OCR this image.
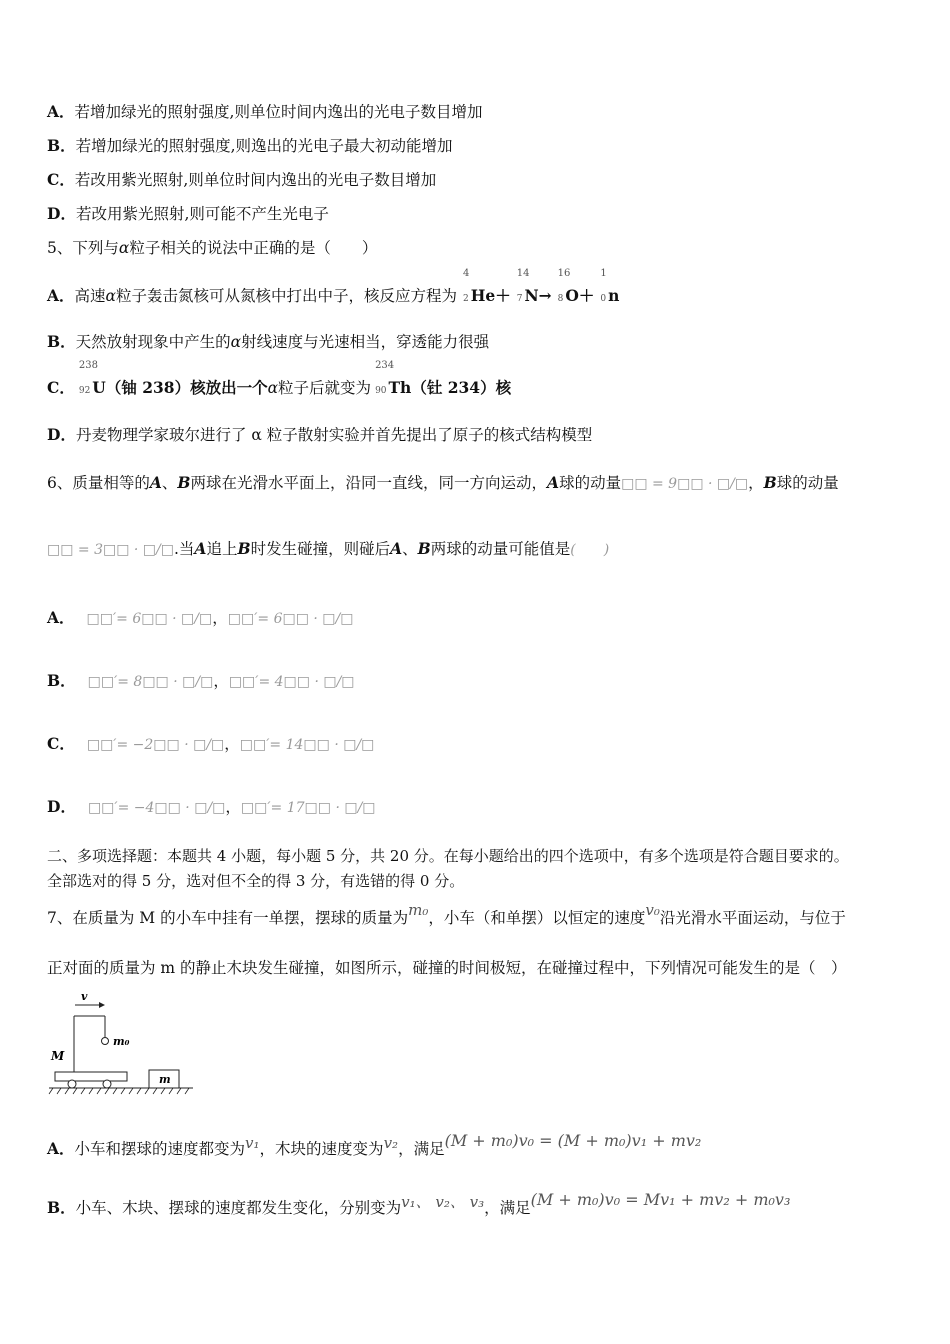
A．若增加绿光的照射强度,则单位时间内逸出的光电子数目增加
B．若增加绿光的照射强度,则逸出的光电子最大初动能增加
C．若改用紫光照射,则单位时间内逸出的光电子数目增加
D．若改用紫光照射,则可能不产生光电子
5、下列与α粒子相关的说法中正确的是（　　）
A．高速α粒子轰击氮核可从氮核中打出中子，核反应方程为
4
2 He＋
14
7 N→
16
8 O＋
1
0 n
B．天然放射现象中产生的α射线速度与光速相当，穿透能力很强
C．
238
92 U（铀 238）核放出一个α粒子后就变为
234
90 Th（钍 234）核
D．丹麦物理学家玻尔进行了 α 粒子散射实验并首先提出了原子的核式结构模型
6、质量相等的A、B两球在光滑水平面上，沿同一直线，同一方向运动，A球的动量□□ = 9□□ · □/□，B球的动量
□□ = 3□□ · □/□.当A追上B时发生碰撞，则碰后A、B两球的动量可能值是(　　)
A． □□′= 6□□ · □/□，□□′= 6□□ · □/□
B． □□′= 8□□ · □/□，□□′= 4□□ · □/□
C． □□′= −2□□ · □/□，□□′= 14□□ · □/□
D． □□′= −4□□ · □/□，□□′= 17□□ · □/□
二、多项选择题：本题共 4 小题，每小题 5 分，共 20 分。在每小题给出的四个选项中，有多个选项是符合题目要求的。
全部选对的得 5 分，选对但不全的得 3 分，有选错的得 0 分。
7、在质量为 M 的小车中挂有一单摆，摆球的质量为m₀，小车（和单摆）以恒定的速度v₀沿光滑水平面运动，与位于
正对面的质量为 m 的静止木块发生碰撞，如图所示，碰撞的时间极短，在碰撞过程中，下列情况可能发生的是（　）
v
m₀
M
m
A．小车和摆球的速度都变为v₁，木块的速度变为v₂，满足(M + m₀)v₀ = (M + m₀)v₁ + mv₂
B．小车、木块、摆球的速度都发生变化，分别变为v₁、 v₂、 v₃，满足(M + m₀)v₀ = Mv₁ + mv₂ + m₀v₃
